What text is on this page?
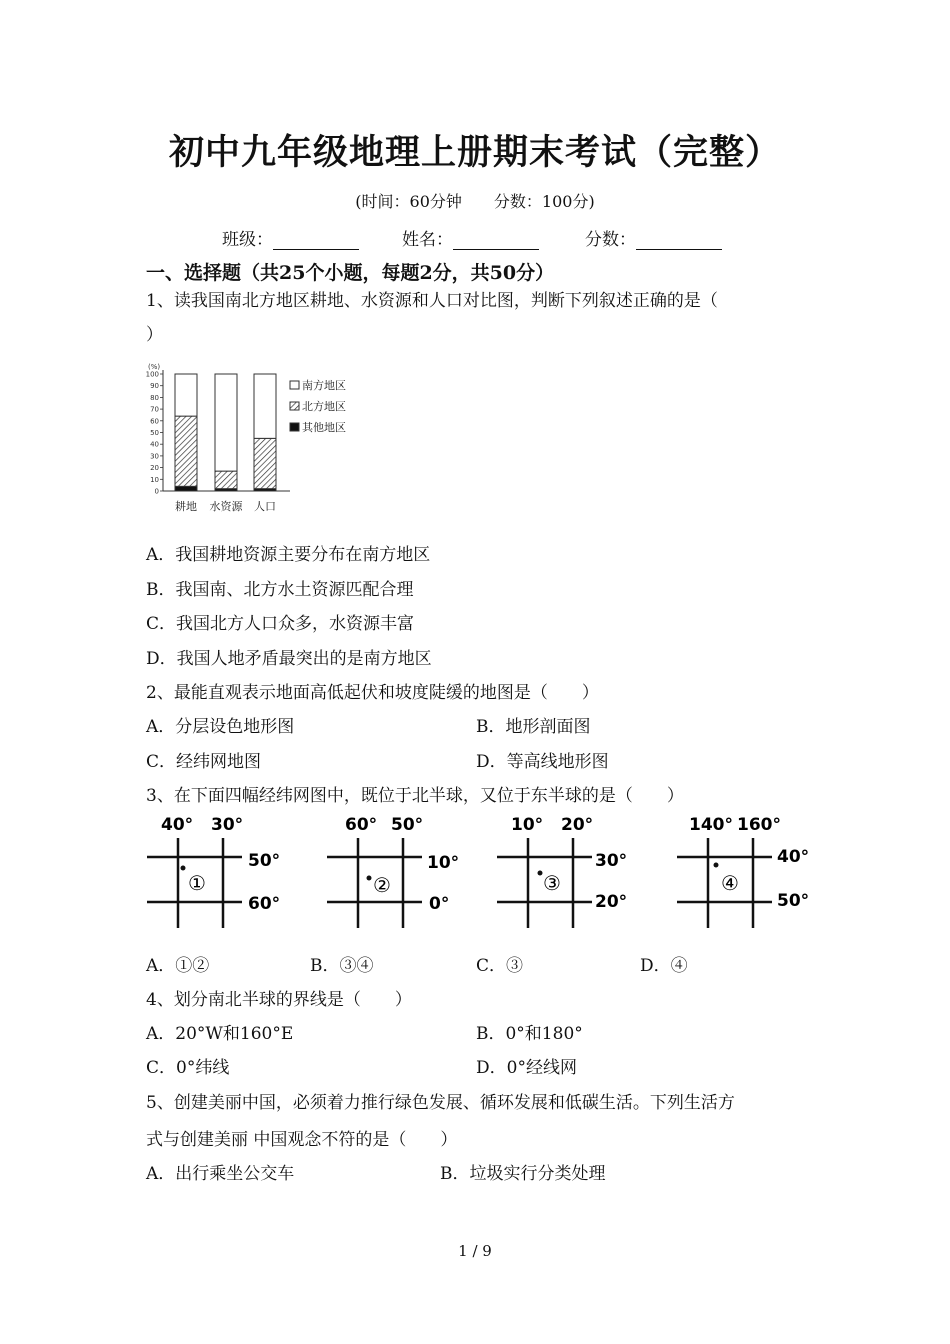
初中九年级地理上册期末考试（完整）
(时间：60分钟　　分数：100分)
班级：	姓名：	分数：
一、选择题（共25个小题，每题2分，共50分）
1、读我国南北方地区耕地、水资源和人口对比图，判断下列叙述正确的是（
）
(%)
100
90
80
70
60
50
40
30
20
10
0
耕地 水资源 人口
南方地区
北方地区
其他地区
A．我国耕地资源主要分布在南方地区
B．我国南、北方水土资源匹配合理
C．我国北方人口众多，水资源丰富
D．我国人地矛盾最突出的是南方地区
2、最能直观表示地面高低起伏和坡度陡缓的地图是（　　）
A．分层设色地形图	B．地形剖面图
C．经纬网地图	D．等高线地形图
3、在下面四幅经纬网图中，既位于北半球，又位于东半球的是（　　）
40° 30°
50°
60°
①
60° 50°
10°
0°
②
10° 20°
30°
20°
③
140° 160°
40°
50°
④
A．①②	B．③④	C．③	D．④
4、划分南北半球的界线是（　　）
A．20°W和160°E	B．0°和180°
C．0°纬线	D．0°经线网
5、创建美丽中国，必须着力推行绿色发展、循环发展和低碳生活。下列生活方
式与创建美丽 中国观念不符的是（　　）
A．出行乘坐公交车	B．垃圾实行分类处理
1 / 9
